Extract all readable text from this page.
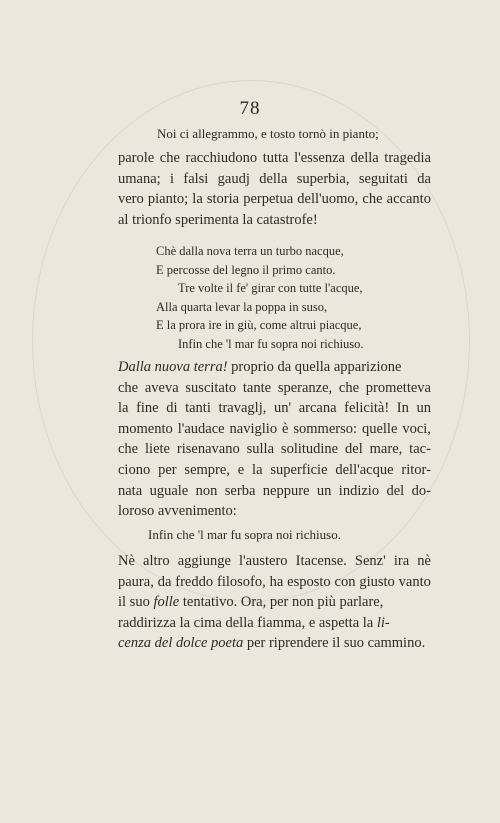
78
Noi ci allegrammo, e tosto tornò in pianto;
parole che racchiudono tutta l'essenza della tragedia
umana; i falsi gaudj della superbia, seguitati da
vero pianto; la storia perpetua dell'uomo, che accanto
al trionfo sperimenta la catastrofe!
Chè dalla nova terra un turbo nacque,
E percosse del legno il primo canto.
Tre volte il fe' girar con tutte l'acque,
Alla quarta levar la poppa in suso,
E la prora ire in giù, come altrui piacque,
Infin che 'l mar fu sopra noi richiuso.
Dalla nuova terra!
proprio da quella apparizione
che aveva suscitato tante speranze, che prometteva
la fine di tanti travaglj, un' arcana felicità! In un
momento l'audace naviglio è sommerso: quelle voci,
che liete risenavano sulla solitudine del mare, tac-
ciono per sempre, e la superficie dell'acque ritor-
nata uguale non serba neppure un indizio del do-
loroso avvenimento:
Infin che 'l mar fu sopra noi richiuso.
Nè altro aggiunge l'austero Itacense. Senz' ira nè
paura, da freddo filosofo, ha esposto con giusto vanto
il suo
folle
tentativo. Ora, per non più parlare,
raddirizza la cima della fiamma, e aspetta la
li-
cenza del dolce poeta
per riprendere il suo cammino.
